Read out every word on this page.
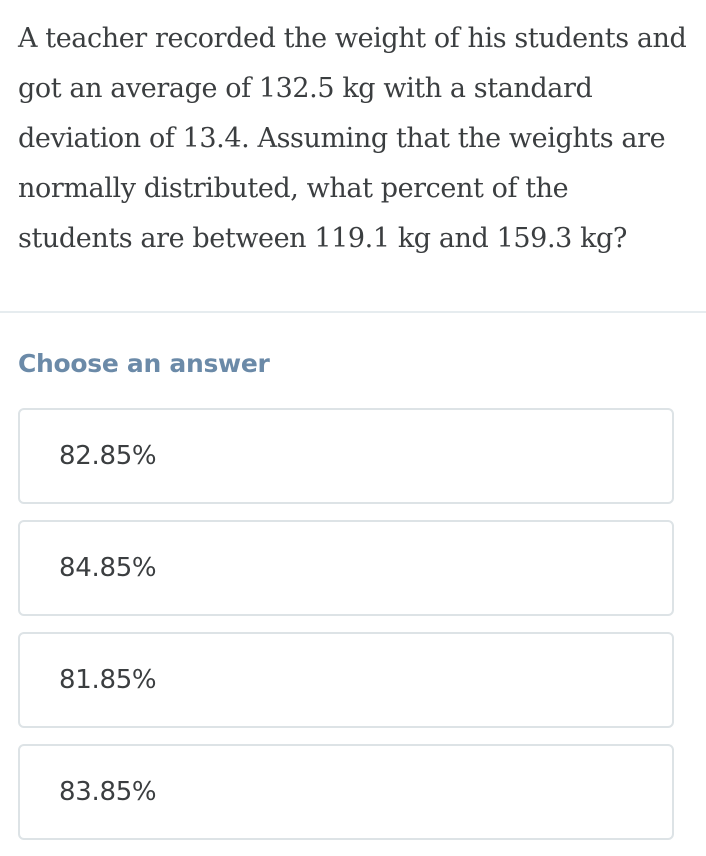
A teacher recorded the weight of his students and got an average of 132.5 kg with a standard deviation of 13.4. Assuming that the weights are normally distributed, what percent of the students are between 119.1 kg and 159.3 kg?

Choose an answer
82.85%
84.85%
81.85%
83.85%
